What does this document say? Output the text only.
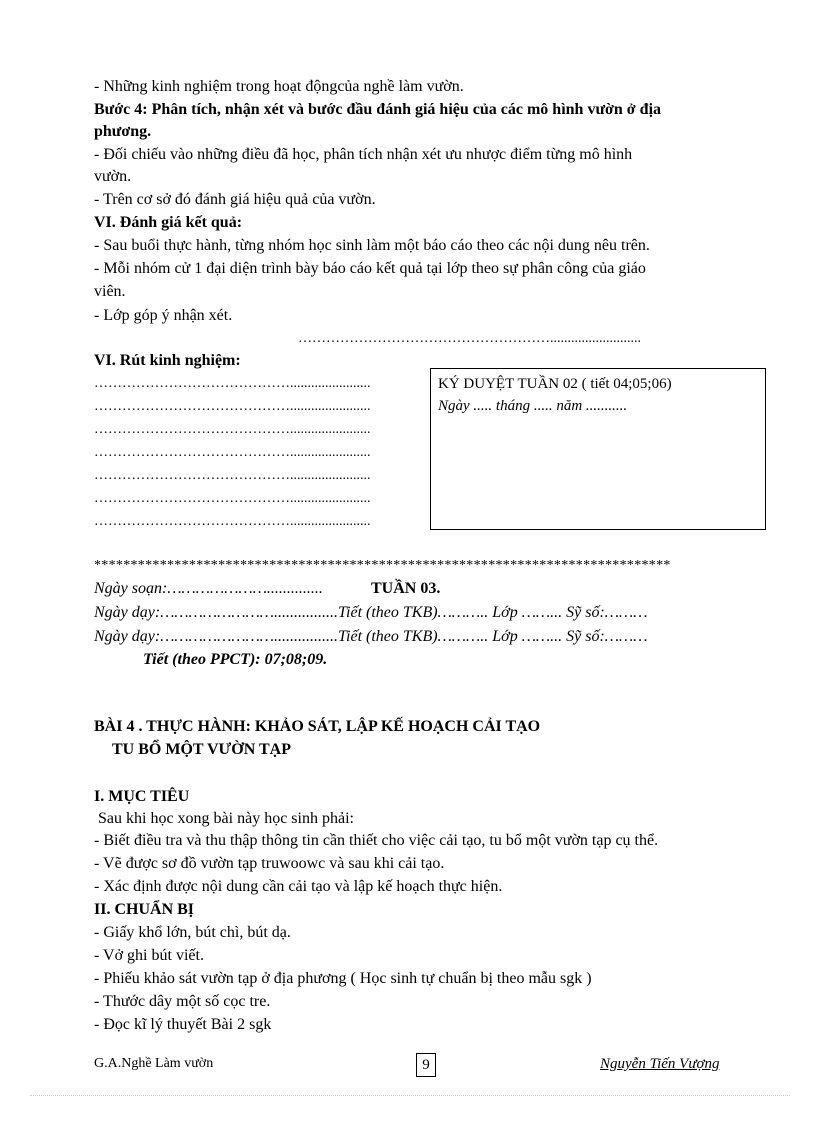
- Những kinh nghiệm trong hoạt độngcủa nghề làm vườn.
Bước 4: Phân tích, nhận xét và bước đầu đánh giá hiệu của các mô hình vườn ở địa
phương.
- Đối chiếu vào những điều đã học, phân tích nhận xét ưu nhược điểm từng mô hình
vườn.
- Trên cơ sở đó đánh giá hiệu quả của vườn.
VI. Đánh giá kết quả:
- Sau buổi thực hành, từng nhóm học sinh làm một báo cáo theo các nội dung nêu trên.
- Mỗi nhóm cử 1 đại diện trình bày báo cáo kết quả tại lớp theo sự phân công của giáo
viên.
- Lớp góp ý nhận xét.
………………………………………………..........................
VI. Rút kinh nghiệm:
…………………………………….......................
…………………………………….......................
…………………………………….......................
…………………………………….......................
…………………………………….......................
…………………………………….......................
…………………………………….......................
KÝ DUYỆT TUẦN 02 ( tiết 04;05;06)
Ngày ..... tháng ..... năm ...........
*******************************************************************************
Ngày soạn:…………………..............	TUẦN 03.
Ngày dạy:……………………................Tiết (theo TKB)……….. Lớp ……... Sỹ số:………
Ngày dạy:……………………................Tiết (theo TKB)……….. Lớp ……... Sỹ số:………
Tiết (theo PPCT): 07;08;09.
BÀI 4 . THỰC HÀNH: KHẢO SÁT, LẬP KẾ HOẠCH CẢI TẠO
TU BỔ MỘT VƯỜN TẠP
I. MỤC TIÊU
Sau khi học xong bài này học sinh phải:
- Biết điều tra và thu thập thông tin cần thiết cho việc cải tạo, tu bổ một vườn tạp cụ thể.
- Vẽ được sơ đồ vườn tạp truwoowc và sau khi cải tạo.
- Xác định được nội dung cần cải tạo và lập kế hoạch thực hiện.
II. CHUẨN BỊ
- Giấy khổ lớn, bút chì, bút dạ.
- Vở ghi bút viết.
- Phiếu khảo sát vườn tạp ở địa phương ( Học sinh tự chuẩn bị theo mẫu sgk )
- Thước dây một số cọc tre.
- Đọc kĩ lý thuyết Bài 2 sgk
G.A.Nghề Làm vườn	9	Nguyễn Tiến Vượng
